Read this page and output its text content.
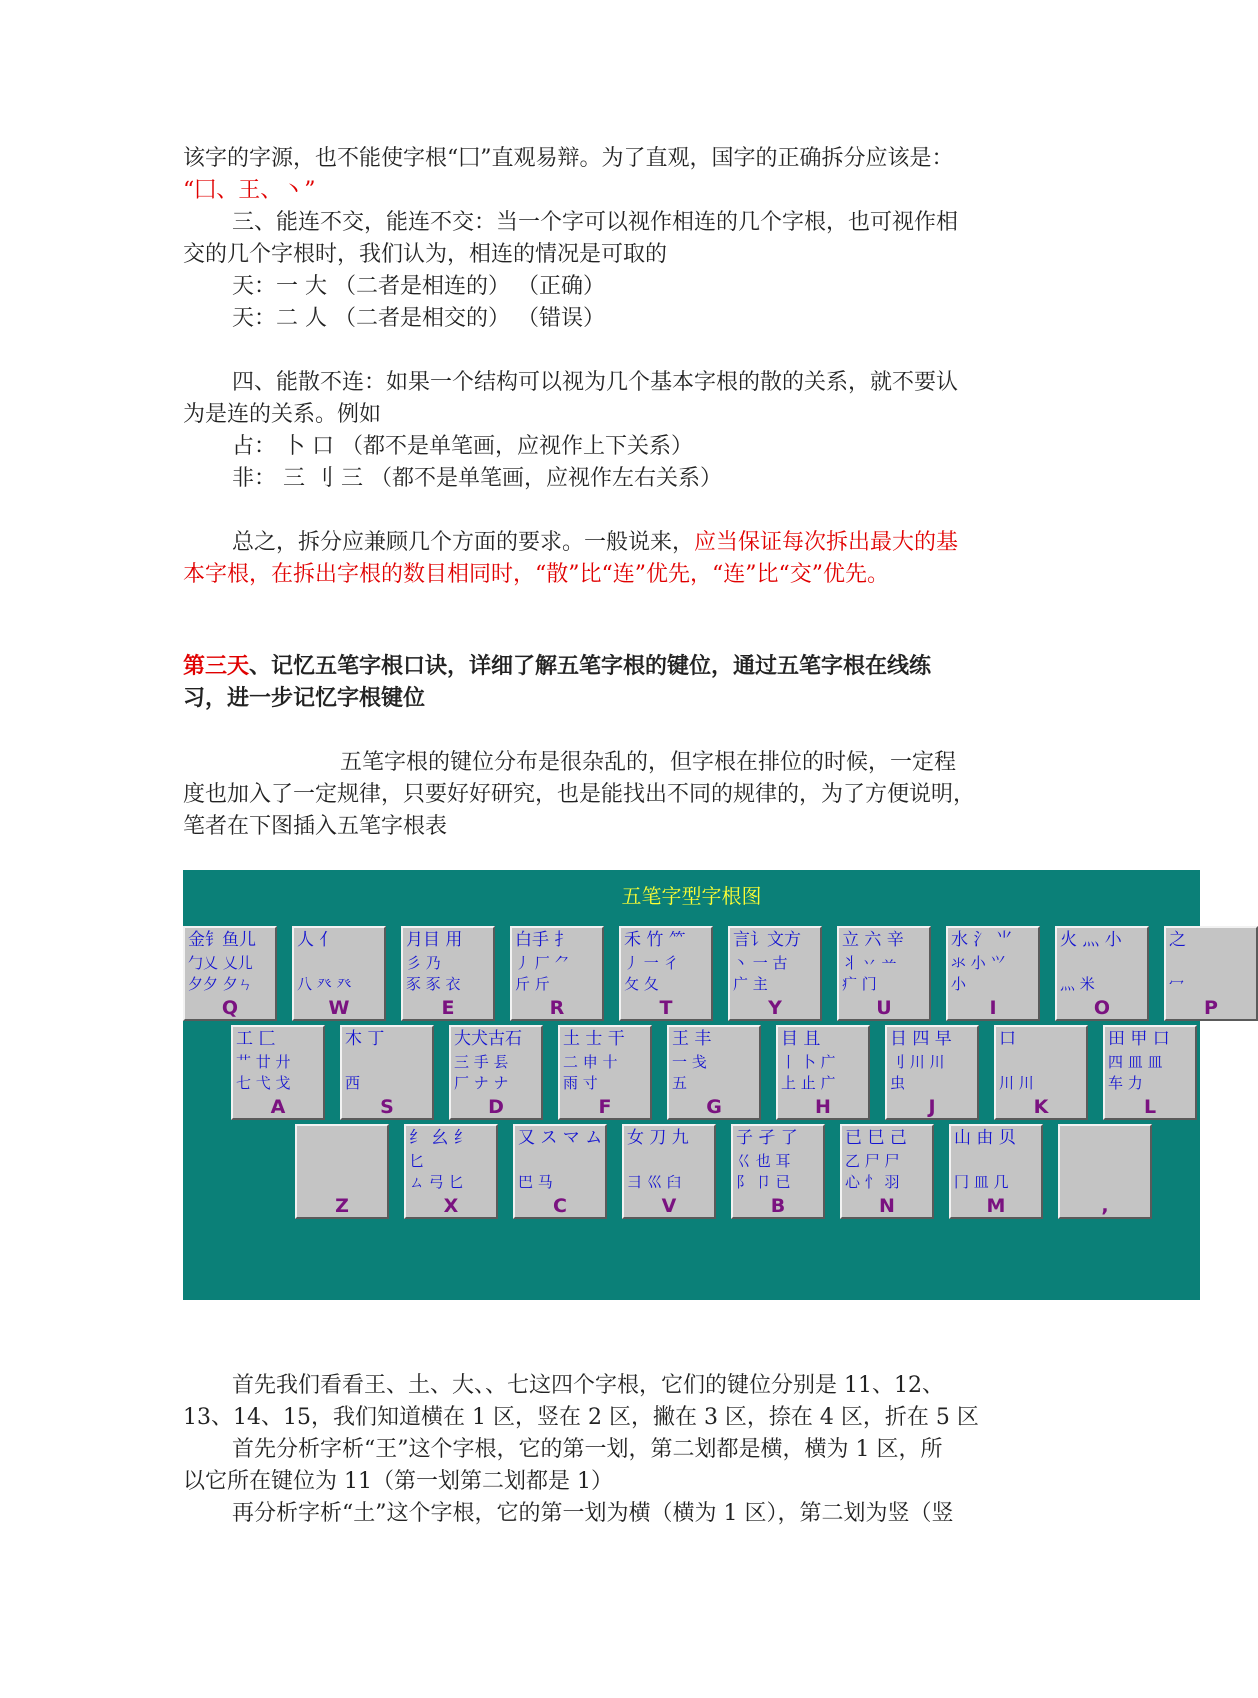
该字的字源，也不能使字根“囗”直观易辩。为了直观，国字的正确拆分应该是：
“囗、王、丶”
三、能连不交，能连不交：当一个字可以视作相连的几个字根，也可视作相
交的几个字根时，我们认为，相连的情况是可取的
天：一 大 （二者是相连的） （正确）
天：二 人 （二者是相交的） （错误）
四、能散不连：如果一个结构可以视为几个基本字根的散的关系，就不要认
为是连的关系。例如
占： 卜 口 （都不是单笔画，应视作上下关系）
非： 三 刂 三 （都不是单笔画，应视作左右关系）
总之，拆分应兼顾几个方面的要求。一般说来，应当保证每次拆出最大的基
本字根，在拆出字根的数目相同时，“散”比“连”优先，“连”比“交”优先。
第三天、记忆五笔字根口诀，详细了解五笔字根的键位，通过五笔字根在线练
习，进一步记忆字根键位
五笔字根的键位分布是很杂乱的，但字根在排位的时候，一定程
度也加入了一定规律，只要好好研究，也是能找出不同的规律的，为了方便说明，
笔者在下图插入五笔字根表
五笔字型字根图
金钅鱼儿
勹乂 乂儿
夕夕 夕ㄣ
Q
人 亻
八 癶 癶
W
月目 用
彡 乃
豕 豕 衣
E
白手 扌
丿 厂 ⺈
斤 斤
R
禾 竹 ⺮
丿 一 彳
攵 夂
T
言讠文方
丶 一 古
广 主
Y
立 六 辛
丬 丷 䒑
疒 门
U
水 氵 ⺌
氺 小 ⺍
小
I
火 灬 小
灬 米
O
之
冖
P
工 匚
艹 廿 廾
七 弋 戈
A
木 丁
西
S
大犬古石
三 手 镸
厂 ナ ナ
D
土 士 干
二 申 十
雨 寸
F
王 丰
一 戋
五
G
目 且
丨 卜 广
上 止 广
H
日 四 早
刂 川 川
虫
J
口
川 川
K
田 甲 口
四 皿 皿
车 力
L
Z
纟 幺 纟
匕
ㄙ 弓 匕
X
又 ス マ ム
巴 马
C
女 刀 九
彐 巛 臼
V
子 孑 了
巜 也 耳
阝 卩 已
B
已 巳 己
乙 尸 尸
心 忄 羽
N
山 由 贝
冂 皿 几
M	,
首先我们看看王、土、大、、七这四个字根，它们的键位分别是 11、12、
13、14、15，我们知道横在 1 区，竖在 2 区，撇在 3 区，捺在 4 区，折在 5 区
首先分析字析“王”这个字根，它的第一划，第二划都是横，横为 1 区，所
以它所在键位为 11（第一划第二划都是 1）
再分析字析“土”这个字根，它的第一划为横（横为 1 区），第二划为竖（竖
